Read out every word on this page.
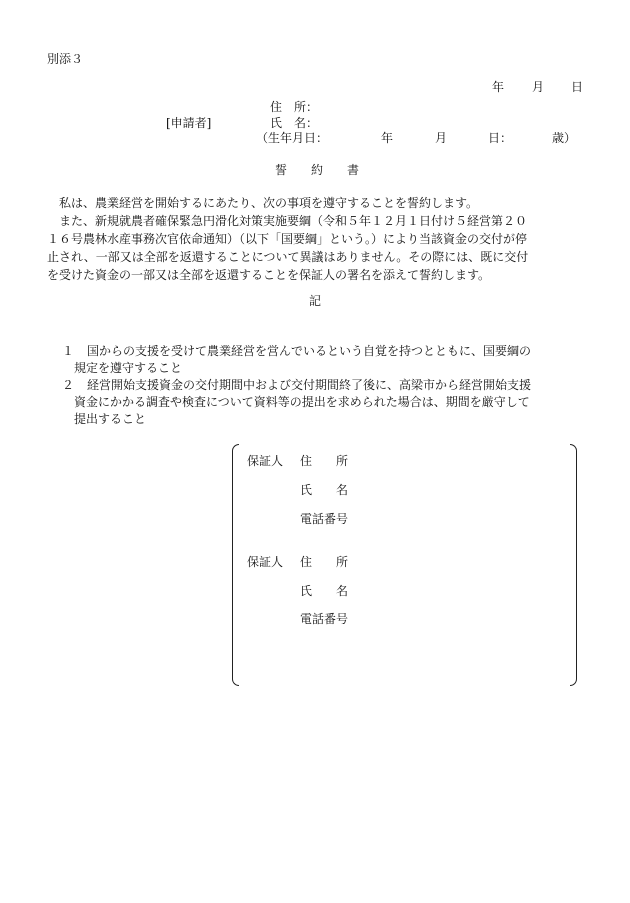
別添３
年 月 日
住　所：
[申請者]	氏　名：
（生年月日：	年	月	日：	歳）
誓　　約　　書

私は、農業経営を開始するにあたり、次の事項を遵守することを誓約します。

また、新規就農者確保緊急円滑化対策実施要綱（令和５年１２月１日付け５経営第２０

１６号農林水産事務次官依命通知）（以下「国要綱」という。）により当該資金の交付が停

止され、一部又は全部を返還することについて異議はありません。その際には、既に交付

を受けた資金の一部又は全部を返還することを保証人の署名を添えて誓約します。

記
１	国からの支援を受けて農業経営を営んでいるという自覚を持つとともに、国要綱の
規定を遵守すること
２	経営開始支援資金の交付期間中および交付期間終了後に、高梁市から経営開始支援
資金にかかる調査や検査について資料等の提出を求められた場合は、期間を厳守して
提出すること
保証人 住　　所
氏　　名
電話番号
保証人 住　　所
氏　　名
電話番号
